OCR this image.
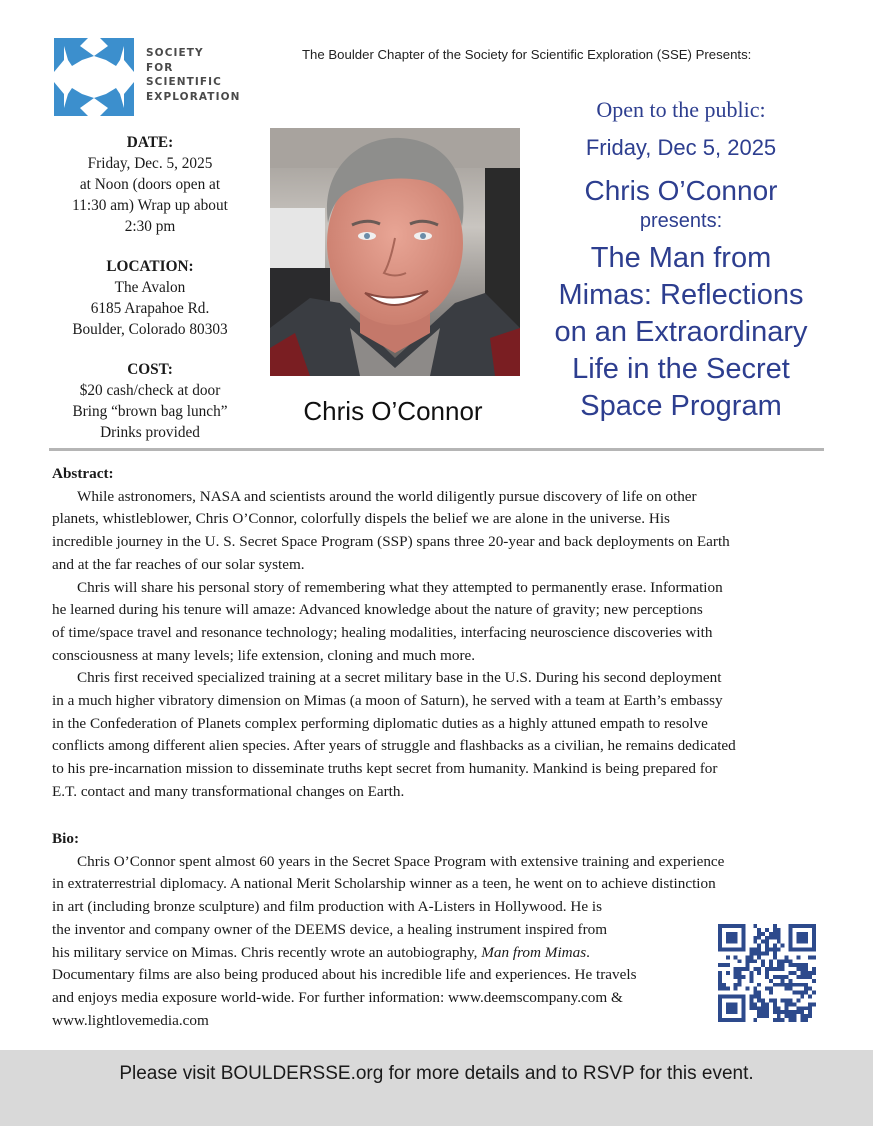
SOCIETY
FOR
SCIENTIFIC
EXPLORATION
The Boulder Chapter of the Society for Scientific Exploration (SSE) Presents:
DATE:
Friday, Dec. 5, 2025
at Noon (doors open at
11:30 am) Wrap up about
2:30 pm
LOCATION:
The Avalon
6185 Arapahoe Rd.
Boulder, Colorado 80303
COST:
$20 cash/check at door
Bring “brown bag lunch”
Drinks provided
Chris O’Connor
Open to the public:
Friday, Dec 5, 2025
Chris O’Connor
presents:
The Man from
Mimas: Reflections
on an Extraordinary
Life in the Secret
Space Program
Abstract:
While astronomers, NASA and scientists around the world diligently pursue discovery of life on other
planets, whistleblower, Chris O’Connor, colorfully dispels the belief we are alone in the universe. His
incredible journey in the U. S. Secret Space Program (SSP) spans three 20-year and back deployments on Earth
and at the far reaches of our solar system.
Chris will share his personal story of remembering what they attempted to permanently erase. Information
he learned during his tenure will amaze: Advanced knowledge about the nature of gravity; new perceptions
of time/space travel and resonance technology; healing modalities, interfacing neuroscience discoveries with
consciousness at many levels; life extension, cloning and much more.
Chris first received specialized training at a secret military base in the U.S. During his second deployment
in a much higher vibratory dimension on Mimas (a moon of Saturn), he served with a team at Earth’s embassy
in the Confederation of Planets complex performing diplomatic duties as a highly attuned empath to resolve
conflicts among different alien species. After years of struggle and flashbacks as a civilian, he remains dedicated
to his pre-incarnation mission to disseminate truths kept secret from humanity. Mankind is being prepared for
E.T. contact and many transformational changes on Earth.
Bio:
Chris O’Connor spent almost 60 years in the Secret Space Program with extensive training and experience
in extraterrestrial diplomacy. A national Merit Scholarship winner as a teen, he went on to achieve distinction
in art (including bronze sculpture) and film production with A-Listers in Hollywood. He is
the inventor and company owner of the DEEMS device, a healing instrument inspired from
his military service on Mimas. Chris recently wrote an autobiography, Man from Mimas.
Documentary films are also being produced about his incredible life and experiences. He travels
and enjoys media exposure world-wide. For further information: www.deemscompany.com &
www.lightlovemedia.com
Please visit BOULDERSSE.org for more details and to RSVP for this event.
